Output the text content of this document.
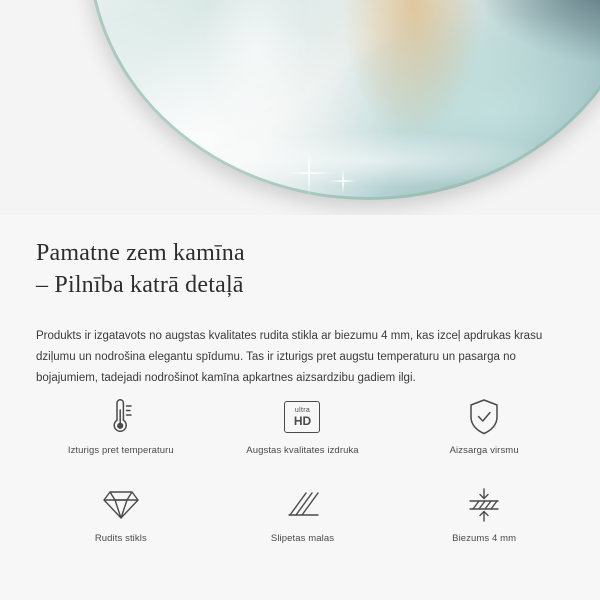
Pamatne zem kamīna
– Pilnība katrā detaļā

Produkts ir izgatavots no augstas kvalitates rudita stikla ar biezumu 4 mm, kas izceļ apdrukas krasu dziļumu un nodrošina elegantu spīdumu. Tas ir izturigs pret augstu temperaturu un pasarga no bojajumiem, tadejadi nodrošinot kamīna apkartnes aizsardzibu gadiem ilgi.

Izturigs pret temperaturu
ultra
HD
Augstas kvalitates izdruka	Aizsarga virsmu
Rudits stikls	Slipetas malas	Biezums 4 mm
